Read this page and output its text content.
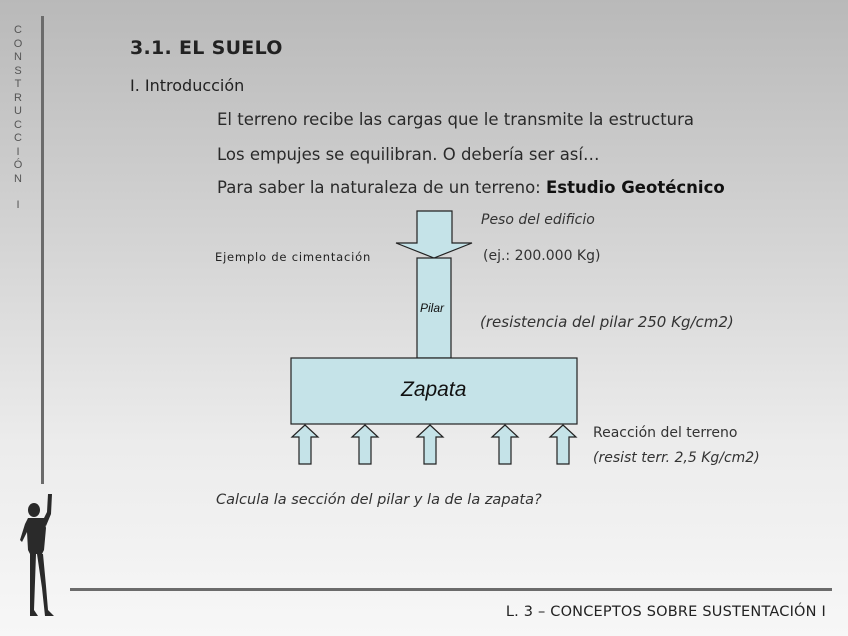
C
O
N
S
T
R
U
C
C
I
Ó
N
I
3.1. EL SUELO
I. Introducción
El terreno recibe las cargas que le transmite la estructura
Los empujes se equilibran. O debería ser así…
Para saber la naturaleza de un terreno: Estudio Geotécnico
Peso del edificio
Ejemplo de cimentación	(ej.: 200.000 Kg)
Pilar
(resistencia del pilar 250 Kg/cm2)
Zapata
Reacción del terreno
(resist terr. 2,5 Kg/cm2)
Calcula la sección del pilar y la de la zapata?
L. 3 – CONCEPTOS SOBRE SUSTENTACIÓN I
